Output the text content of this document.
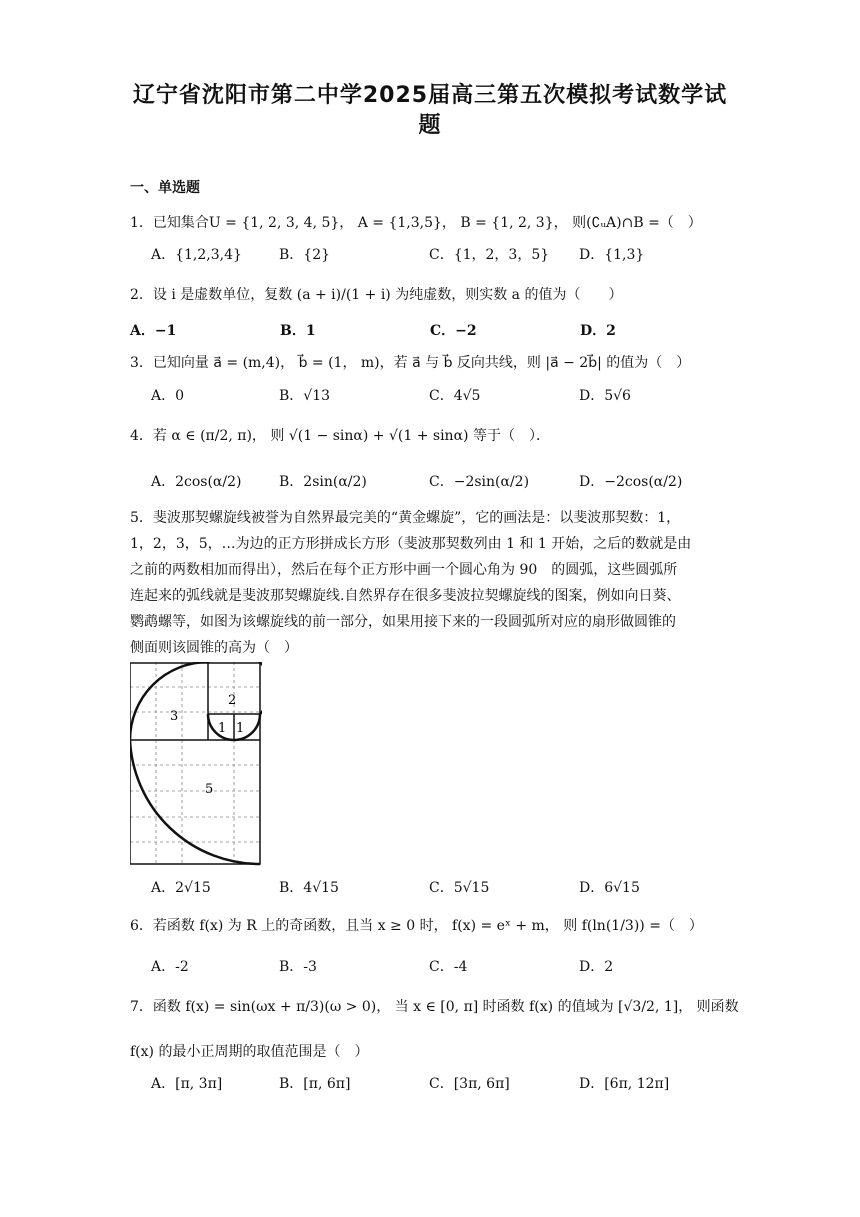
辽宁省沈阳市第二中学2025届高三第五次模拟考试数学试
题
一、单选题
1．已知集合U = {1, 2, 3, 4, 5}， A = {1,3,5}， B = {1, 2, 3}， 则(∁ᵤA)∩B =（　）
A．{1,2,3,4}	B．{2}	C．{1，2，3，5} D．{1,3}
2．设 i 是虚数单位，复数 (a + i)/(1 + i) 为纯虚数，则实数 a 的值为（　　）
A．−1	B．1	C．−2	D．2
3．已知向量 a⃗ = (m,4)， b⃗ = (1， m)，若 a⃗ 与 b⃗ 反向共线，则 |a⃗ − 2b⃗| 的值为（　）
A．0	B．√13	C．4√5	D．5√6
4．若 α ∈ (π/2, π)， 则 √(1 − sinα) + √(1 + sinα) 等于（　）．
A．2cos(α/2)	B．2sin(α/2)	C．−2sin(α/2)	D．−2cos(α/2)
5．斐波那契螺旋线被誉为自然界最完美的“黄金螺旋”，它的画法是：以斐波那契数：1，
1，2，3，5，…为边的正方形拼成长方形（斐波那契数列由 1 和 1 开始，之后的数就是由
之前的两数相加而得出），然后在每个正方形中画一个圆心角为 90　的圆弧，这些圆弧所
连起来的弧线就是斐波那契螺旋线.自然界存在很多斐波拉契螺旋线的图案，例如向日葵、
鹦鹉螺等，如图为该螺旋线的前一部分，如果用接下来的一段圆弧所对应的扇形做圆锥的
侧面则该圆锥的高为（　）
3
2
1 1
5
A．2√15	B．4√15	C．5√15	D．6√15
6．若函数 f(x) 为 R 上的奇函数，且当 x ≥ 0 时， f(x) = eˣ + m， 则 f(ln(1/3)) =（　）
A．-2	B．-3	C．-4	D．2
7．函数 f(x) = sin(ωx + π/3)(ω > 0)， 当 x ∈ [0, π] 时函数 f(x) 的值域为 [√3/2, 1]， 则函数
f(x) 的最小正周期的取值范围是（　）
A．[π, 3π]	B．[π, 6π]	C．[3π, 6π]	D．[6π, 12π]
